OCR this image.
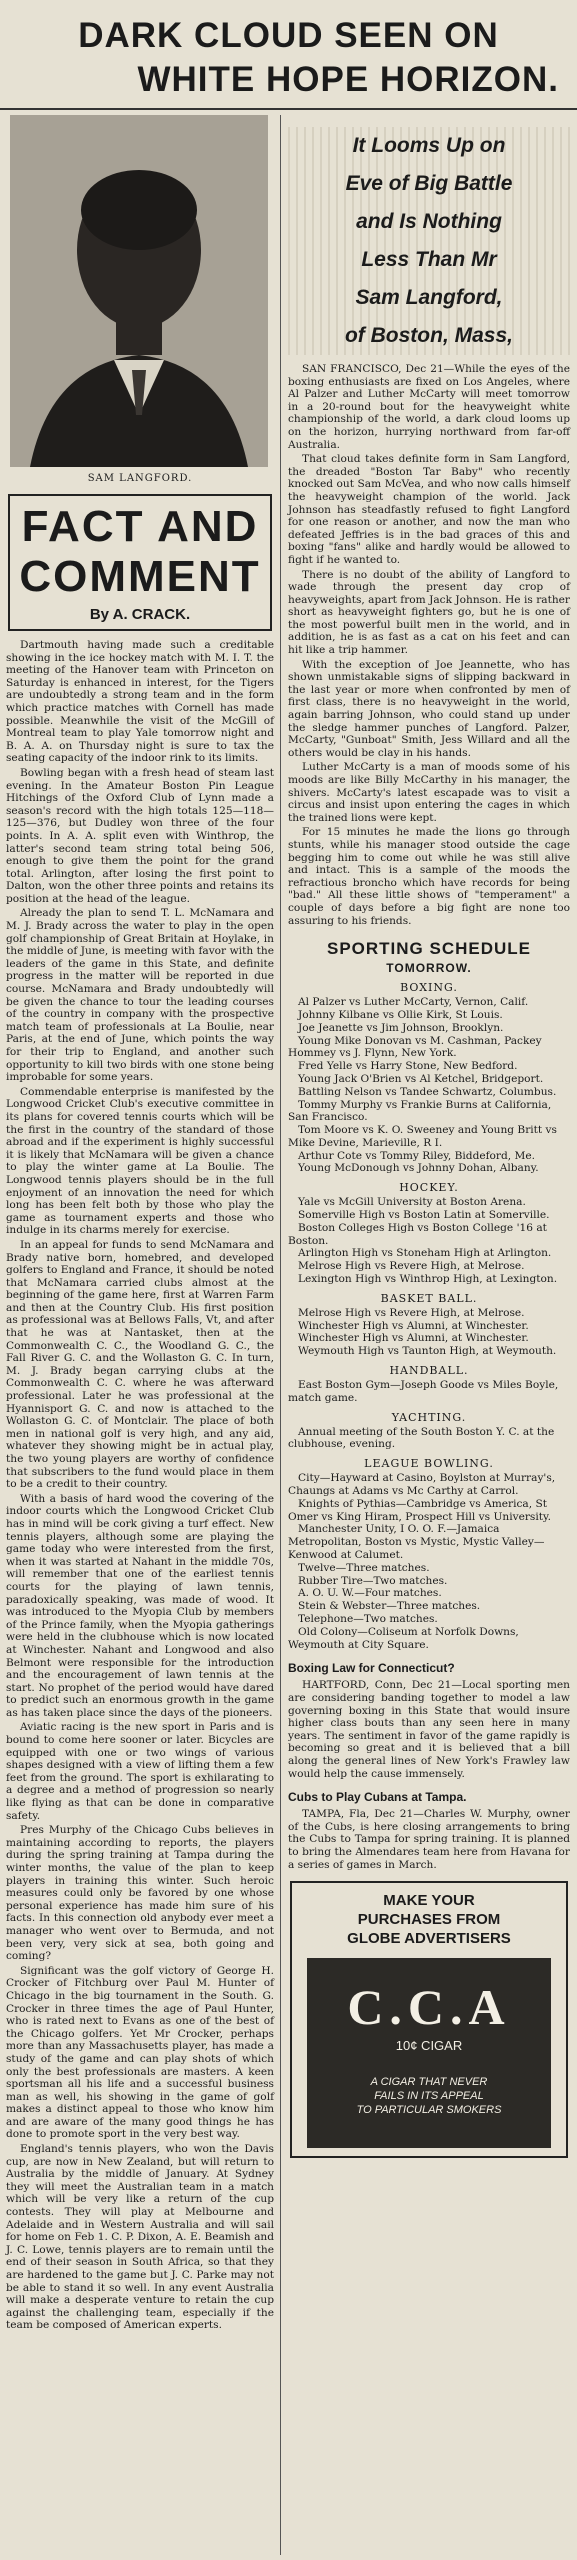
DARK CLOUD SEEN ON
WHITE HOPE HORIZON.
SAM LANGFORD.
FACT AND
COMMENT
By A. CRACK.

Dartmouth having made such a creditable showing in the ice hockey match with M. I. T. the meeting of the Hanover team with Princeton on Saturday is enhanced in interest, for the Tigers are undoubtedly a strong team and in the form which practice matches with Cornell has made possible. Meanwhile the visit of the McGill of Montreal team to play Yale tomorrow night and B. A. A. on Thursday night is sure to tax the seating capacity of the indoor rink to its limits.

Bowling began with a fresh head of steam last evening. In the Amateur Boston Pin League Hitchings of the Oxford Club of Lynn made a season's record with the high totals 125—118—125—376, but Dudley won three of the four points. In A. A. split even with Winthrop, the latter's second team string total being 506, enough to give them the point for the grand total. Arlington, after losing the first point to Dalton, won the other three points and retains its position at the head of the league.

Already the plan to send T. L. McNamara and M. J. Brady across the water to play in the open golf championship of Great Britain at Hoylake, in the middle of June, is meeting with favor with the leaders of the game in this State, and definite progress in the matter will be reported in due course. McNamara and Brady undoubtedly will be given the chance to tour the leading courses of the country in company with the prospective match team of professionals at La Boulie, near Paris, at the end of June, which points the way for their trip to England, and another such opportunity to kill two birds with one stone being improbable for some years.

Commendable enterprise is manifested by the Longwood Cricket Club's executive committee in its plans for covered tennis courts which will be the first in the country of the standard of those abroad and if the experiment is highly successful it is likely that McNamara will be given a chance to play the winter game at La Boulie. The Longwood tennis players should be in the full enjoyment of an innovation the need for which long has been felt both by those who play the game as tournament experts and those who indulge in its charms merely for exercise.

In an appeal for funds to send McNamara and Brady native born, homebred, and developed golfers to England and France, it should be noted that McNamara carried clubs almost at the beginning of the game here, first at Warren Farm and then at the Country Club. His first position as professional was at Bellows Falls, Vt, and after that he was at Nantasket, then at the Commonwealth C. C., the Woodland G. C., the Fall River G. C. and the Wollaston G. C. In turn, M. J. Brady began carrying clubs at the Commonwealth C. C. where he was afterward professional. Later he was professional at the Hyannisport G. C. and now is attached to the Wollaston G. C. of Montclair. The place of both men in national golf is very high, and any aid, whatever they showing might be in actual play, the two young players are worthy of confidence that subscribers to the fund would place in them to be a credit to their country.

With a basis of hard wood the covering of the indoor courts which the Longwood Cricket Club has in mind will be cork giving a turf effect. New tennis players, although some are playing the game today who were interested from the first, when it was started at Nahant in the middle 70s, will remember that one of the earliest tennis courts for the playing of lawn tennis, paradoxically speaking, was made of wood. It was introduced to the Myopia Club by members of the Prince family, when the Myopia gatherings were held in the clubhouse which is now located at Winchester. Nahant and Longwood and also Belmont were responsible for the introduction and the encouragement of lawn tennis at the start. No prophet of the period would have dared to predict such an enormous growth in the game as has taken place since the days of the pioneers.

Aviatic racing is the new sport in Paris and is bound to come here sooner or later. Bicycles are equipped with one or two wings of various shapes designed with a view of lifting them a few feet from the ground. The sport is exhilarating to a degree and a method of progression so nearly like flying as that can be done in comparative safety.

Pres Murphy of the Chicago Cubs believes in maintaining according to reports, the players during the spring training at Tampa during the winter months, the value of the plan to keep players in training this winter. Such heroic measures could only be favored by one whose personal experience has made him sure of his facts. In this connection old anybody ever meet a manager who went over to Bermuda, and not been very, very sick at sea, both going and coming?

Significant was the golf victory of George H. Crocker of Fitchburg over Paul M. Hunter of Chicago in the big tournament in the South. G. Crocker in three times the age of Paul Hunter, who is rated next to Evans as one of the best of the Chicago golfers. Yet Mr Crocker, perhaps more than any Massachusetts player, has made a study of the game and can play shots of which only the best professionals are masters. A keen sportsman all his life and a successful business man as well, his showing in the game of golf makes a distinct appeal to those who know him and are aware of the many good things he has done to promote sport in the very best way.

England's tennis players, who won the Davis cup, are now in New Zealand, but will return to Australia by the middle of January. At Sydney they will meet the Australian team in a match which will be very like a return of the cup contests. They will play at Melbourne and Adelaide and in Western Australia and will sail for home on Feb 1. C. P. Dixon, A. E. Beamish and J. C. Lowe, tennis players are to remain until the end of their season in South Africa, so that they are hardened to the game but J. C. Parke may not be able to stand it so well. In any event Australia will make a desperate venture to retain the cup against the challenging team, especially if the team be composed of American experts.

It Looms Up on
Eve of Big Battle
and Is Nothing
Less Than Mr
Sam Langford,
of Boston, Mass,

SAN FRANCISCO, Dec 21—While the eyes of the boxing enthusiasts are fixed on Los Angeles, where Al Palzer and Luther McCarty will meet tomorrow in a 20-round bout for the heavyweight white championship of the world, a dark cloud looms up on the horizon, hurrying northward from far-off Australia.

That cloud takes definite form in Sam Langford, the dreaded "Boston Tar Baby" who recently knocked out Sam McVea, and who now calls himself the heavyweight champion of the world. Jack Johnson has steadfastly refused to fight Langford for one reason or another, and now the man who defeated Jeffries is in the bad graces of this and boxing "fans" alike and hardly would be allowed to fight if he wanted to.

There is no doubt of the ability of Langford to wade through the present day crop of heavyweights, apart from Jack Johnson. He is rather short as heavyweight fighters go, but he is one of the most powerful built men in the world, and in addition, he is as fast as a cat on his feet and can hit like a trip hammer.

With the exception of Joe Jeannette, who has shown unmistakable signs of slipping backward in the last year or more when confronted by men of first class, there is no heavyweight in the world, again barring Johnson, who could stand up under the sledge hammer punches of Langford. Palzer, McCarty, "Gunboat" Smith, Jess Willard and all the others would be clay in his hands.

Luther McCarty is a man of moods some of his moods are like Billy McCarthy in his manager, the shivers. McCarty's latest escapade was to visit a circus and insist upon entering the cages in which the trained lions were kept.

For 15 minutes he made the lions go through stunts, while his manager stood outside the cage begging him to come out while he was still alive and intact. This is a sample of the moods the refractious broncho which have records for being "bad." All these little shows of "temperament" a couple of days before a big fight are none too assuring to his friends.

SPORTING SCHEDULE
TOMORROW.
BOXING.
Al Palzer vs Luther McCarty, Vernon, Calif.
Johnny Kilbane vs Ollie Kirk, St Louis.
Joe Jeanette vs Jim Johnson, Brooklyn.
Young Mike Donovan vs M. Cashman, Packey Hommey vs J. Flynn, New York.
Fred Yelle vs Harry Stone, New Bedford.
Young Jack O'Brien vs Al Ketchel, Bridgeport.
Battling Nelson vs Tandee Schwartz, Columbus.
Tommy Murphy vs Frankie Burns at California, San Francisco.
Tom Moore vs K. O. Sweeney and Young Britt vs Mike Devine, Marieville, R I.
Arthur Cote vs Tommy Riley, Biddeford, Me.
Young McDonough vs Johnny Dohan, Albany.
HOCKEY.
Yale vs McGill University at Boston Arena.
Somerville High vs Boston Latin at Somerville.
Boston Colleges High vs Boston College '16 at Boston.
Arlington High vs Stoneham High at Arlington.
Melrose High vs Revere High, at Melrose.
Lexington High vs Winthrop High, at Lexington.
BASKET BALL.
Melrose High vs Revere High, at Melrose.
Winchester High vs Alumni, at Winchester.
Winchester High vs Alumni, at Winchester.
Weymouth High vs Taunton High, at Weymouth.
HANDBALL.
East Boston Gym—Joseph Goode vs Miles Boyle, match game.
YACHTING.
Annual meeting of the South Boston Y. C. at the clubhouse, evening.
LEAGUE BOWLING.
City—Hayward at Casino, Boylston at Murray's, Chaungs at Adams vs Mc Carthy at Carrol.
Knights of Pythias—Cambridge vs America, St Omer vs King Hiram, Prospect Hill vs University.
Manchester Unity, I O. O. F.—Jamaica Metropolitan, Boston vs Mystic, Mystic Valley—Kenwood at Calumet.
Twelve—Three matches.
Rubber Tire—Two matches.
A. O. U. W.—Four matches.
Stein & Webster—Three matches.
Telephone—Two matches.
Old Colony—Coliseum at Norfolk Downs, Weymouth at City Square.
Boxing Law for Connecticut?

HARTFORD, Conn, Dec 21—Local sporting men are considering banding together to model a law governing boxing in this State that would insure higher class bouts than any seen here in many years. The sentiment in favor of the game rapidly is becoming so great and it is believed that a bill along the general lines of New York's Frawley law would help the cause immensely.

Cubs to Play Cubans at Tampa.

TAMPA, Fla, Dec 21—Charles W. Murphy, owner of the Cubs, is here closing arrangements to bring the Cubs to Tampa for spring training. It is planned to bring the Almendares team here from Havana for a series of games in March.

MAKE YOUR
PURCHASES FROM
GLOBE ADVERTISERS
C.C.A
10¢ CIGAR
A CIGAR THAT NEVER
FAILS IN ITS APPEAL
TO PARTICULAR SMOKERS
